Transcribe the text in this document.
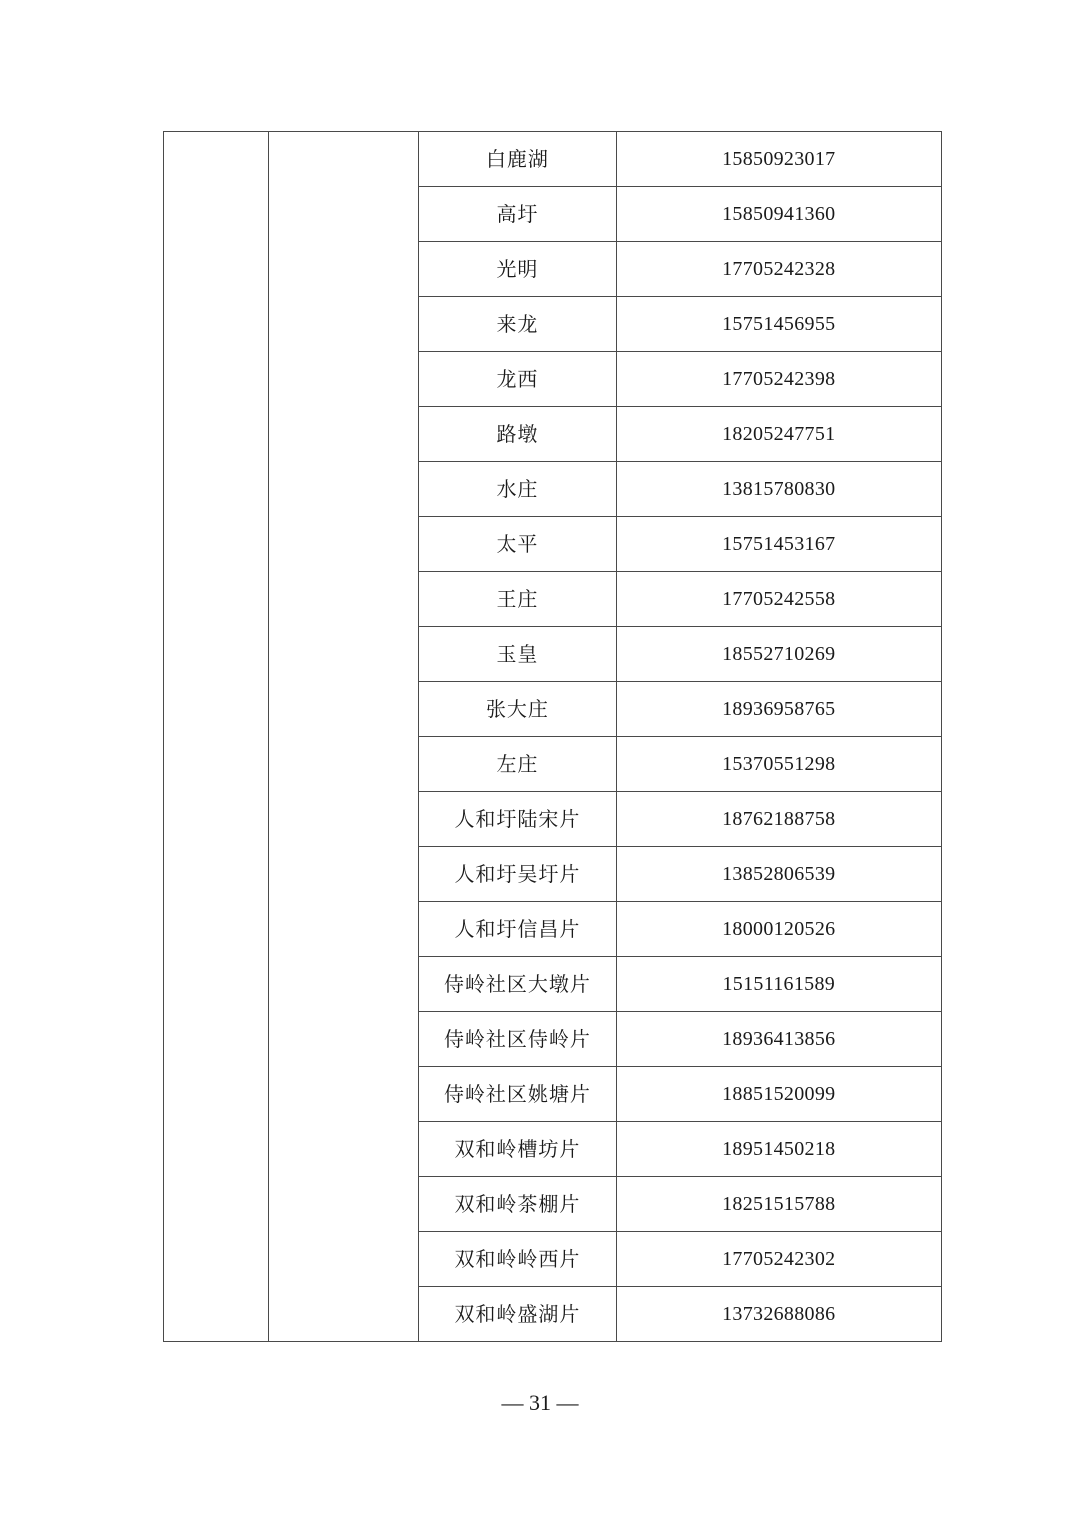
		白鹿湖	15850923017
		高圩	15850941360
		光明	17705242328
		来龙	15751456955
		龙西	17705242398
		路墩	18205247751
		水庄	13815780830
		太平	15751453167
		王庄	17705242558
		玉皇	18552710269
		张大庄	18936958765
		左庄	15370551298
		人和圩陆宋片	18762188758
		人和圩吴圩片	13852806539
		人和圩信昌片	18000120526
		侍岭社区大墩片	15151161589
		侍岭社区侍岭片	18936413856
		侍岭社区姚塘片	18851520099
		双和岭槽坊片	18951450218
		双和岭茶棚片	18251515788
		双和岭岭西片	17705242302
		双和岭盛湖片	13732688086
— 31 —
